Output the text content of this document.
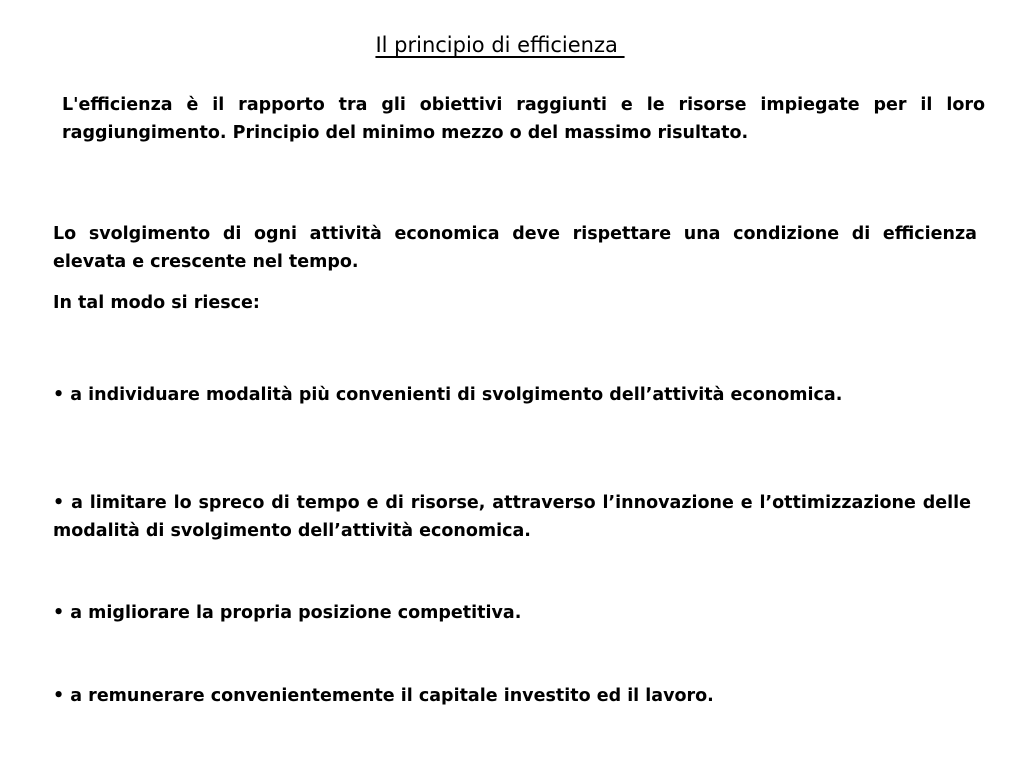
Il principio di efficienza

L'efficienza è il rapporto tra gli obiettivi raggiunti e le risorse impiegate per il loro raggiungimento. Principio del minimo mezzo o del massimo risultato.

Lo svolgimento di ogni attività economica deve rispettare una condizione di efficienza elevata e crescente nel tempo.

In tal modo si riesce:

• a individuare modalità più convenienti di svolgimento dell’attività economica.

• a limitare lo spreco di tempo e di risorse, attraverso l’innovazione e l’ottimizzazione delle modalità di svolgimento dell’attività economica.

• a migliorare la propria posizione competitiva.

• a remunerare convenientemente il capitale investito ed il lavoro.
